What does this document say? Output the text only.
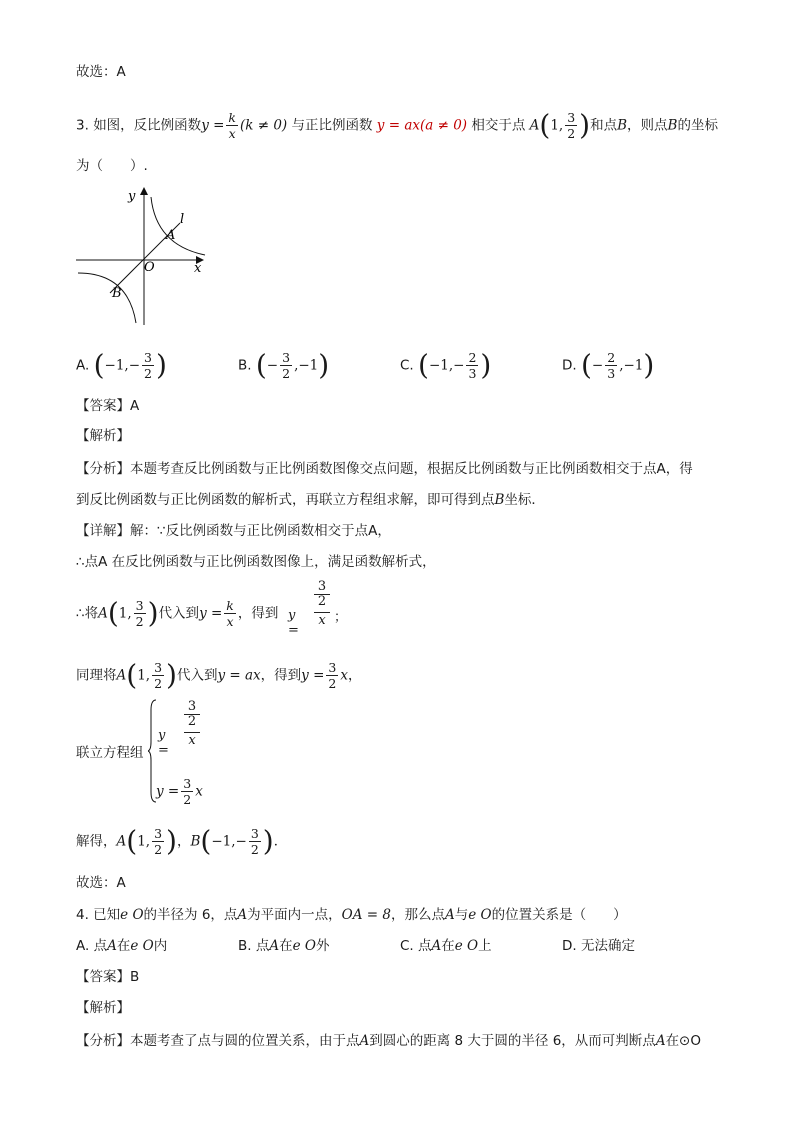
故选：A
3. 如图，反比例函数$y = \frac{k}{x} (k \ne 0)$ 与正比例函数 y = ax(a ≠ 0) 相交于点 A(1, $\frac{3}{2}$ )和点B，则点B的坐标
为（　　）.
y
x
O
l
A
B
A. ($-1,- \frac{3}{2}$ )	B. (− $\frac{3}{2} ,-1$)	C. ($-1,- \frac{2}{3}$ )	D. (− $\frac{2}{3} ,-1$)
【答案】A
【解析】
【分析】本题考查反比例函数与正比例函数图像交点问题，根据反比例函数与正比例函数相交于点A，得
到反比例函数与正比例函数的解析式，再联立方程组求解，即可得到点B坐标．
【详解】解：∵反比例函数与正比例函数相交于点A，
∴点A 在反比例函数与正比例函数图像上，满足函数解析式，
∴将A(1, $\frac{3}{2}$ )代入到$y = \frac{k}{x}$ ，得到 y =
3
2
x ；
同理将A(1, $\frac{3}{2}$ )代入到y = ax，得到$y = \frac{3}{2}$ x，
联立方程组
y =
3
2
x
$y = \frac{3}{2}$ x
解得，A(1, $\frac{3}{2}$ )，$B(-1,- \frac{3}{2}$ )．
故选：A
4. 已知e O的半径为 6，点A为平面内一点，OA = 8，那么点A与e O的位置关系是（　　）
A. 点A在e O内	B. 点A在e O外	C. 点A在e O上	D. 无法确定
【答案】B
【解析】
【分析】本题考查了点与圆的位置关系，由于点A到圆心的距离 8 大于圆的半径 6，从而可判断点A在⊙O
